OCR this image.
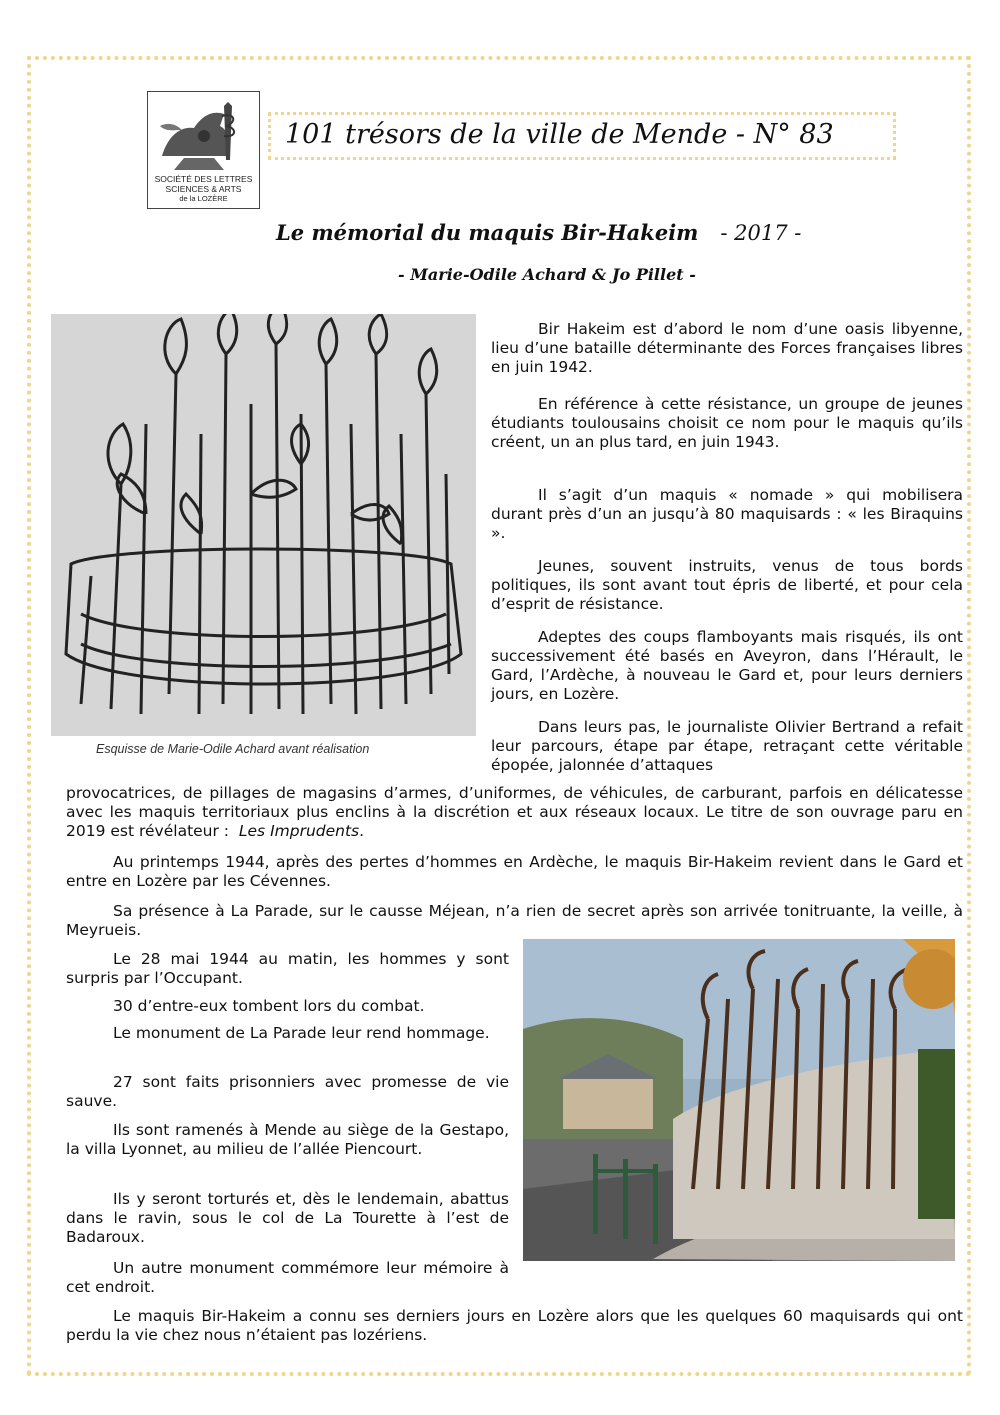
SOCIÉTÉ DES LETTRES
SCIENCES & ARTS
de la LOZÈRE
101 trésors de la ville de Mende - N° 83
Le mémorial du maquis Bir-Hakeim - 2017 -
- Marie-Odile Achard & Jo Pillet -
Esquisse de Marie-Odile Achard avant réalisation

Bir Hakeim est d’abord le nom d’une oasis libyenne, lieu d’une bataille déterminante des Forces françaises libres en juin 1942.

En référence à cette résistance, un groupe de jeunes étudiants toulousains choisit ce nom pour le maquis qu’ils créent, un an plus tard, en juin 1943.

Il s’agit d’un maquis « nomade » qui mobilisera durant près d’un an jusqu’à 80 maquisards : « les Biraquins ».

Jeunes, souvent instruits, venus de tous bords politiques, ils sont avant tout épris de liberté, et pour cela d’esprit de résistance.

Adeptes des coups flamboyants mais risqués, ils ont successivement été basés en Aveyron, dans l’Hérault, le Gard, l’Ardèche, à nouveau le Gard et, pour leurs derniers jours, en Lozère.

Dans leurs pas, le journaliste Olivier Bertrand a refait leur parcours, étape par étape, retraçant cette véritable épopée, jalonnée d’attaques

provocatrices, de pillages de magasins d’armes, d’uniformes, de véhicules, de carburant, parfois en délicatesse avec les maquis territoriaux plus enclins à la discrétion et aux réseaux locaux. Le titre de son ouvrage paru en 2019 est révélateur : Les Imprudents.

Au printemps 1944, après des pertes d’hommes en Ardèche, le maquis Bir-Hakeim revient dans le Gard et entre en Lozère par les Cévennes.

Sa présence à La Parade, sur le causse Méjean, n’a rien de secret après son arrivée tonitruante, la veille, à Meyrueis.

Le 28 mai 1944 au matin, les hommes y sont surpris par l’Occupant.

30 d’entre-eux tombent lors du combat.

Le monument de La Parade leur rend hommage.

27 sont faits prisonniers avec promesse de vie sauve.

Ils sont ramenés à Mende au siège de la Gestapo, la villa Lyonnet, au milieu de l’allée Piencourt.

Ils y seront torturés et, dès le lendemain, abattus dans le ravin, sous le col de La Tourette à l’est de Badaroux.

Un autre monument commémore leur mémoire à cet endroit.

Le maquis Bir-Hakeim a connu ses derniers jours en Lozère alors que les quelques 60 maquisards qui ont perdu la vie chez nous n’étaient pas lozériens.
